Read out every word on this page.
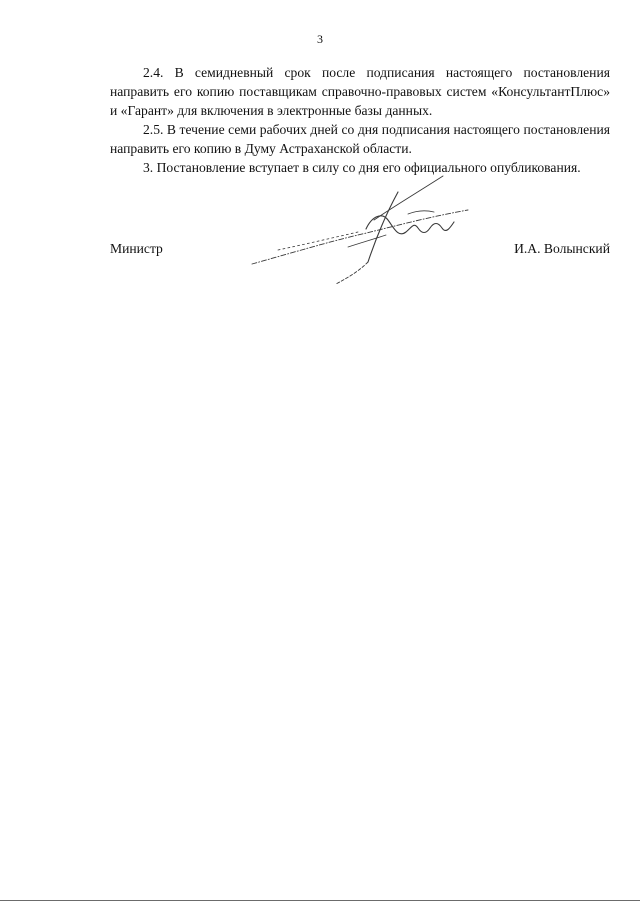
3

2.4. В семидневный срок после подписания настоящего постановления направить его копию поставщикам справочно-правовых систем «КонсультантПлюс» и «Гарант» для включения в электронные базы данных.

2.5. В течение семи рабочих дней со дня подписания настоящего постановления направить его копию в Думу Астраханской области.

3. Постановление вступает в силу со дня его официального опубликования.

Министр	И.А. Волынский
